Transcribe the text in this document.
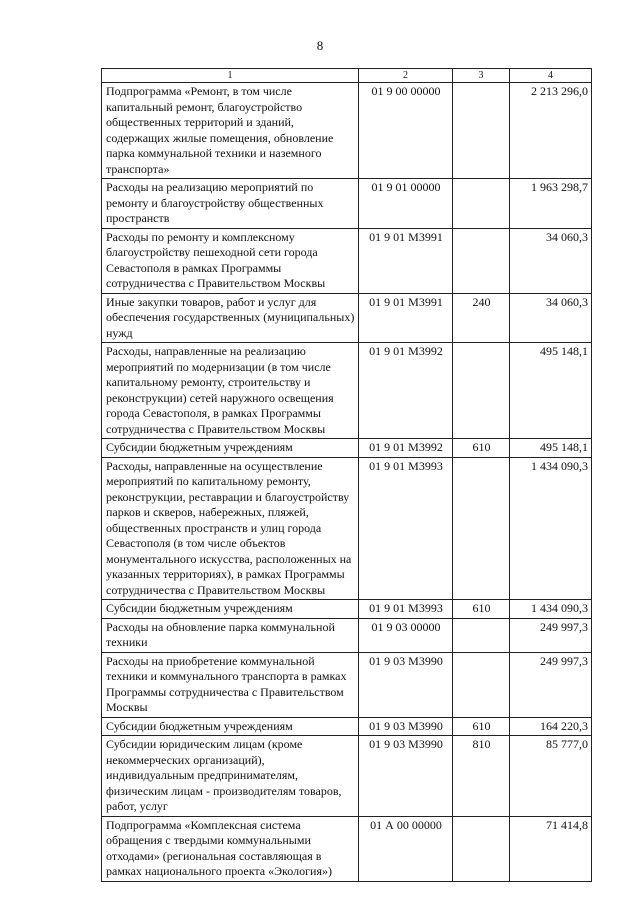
8
1	2	3	4
Подпрограмма «Ремонт, в том числе капитальный ремонт, благоустройство общественных территорий и зданий, содержащих жилые помещения, обновление парка коммунальной техники и наземного транспорта»	01 9 00 00000		2 213 296,0
Расходы на реализацию мероприятий по ремонту и благоустройству общественных пространств	01 9 01 00000		1 963 298,7
Расходы по ремонту и комплексному благоустройству пешеходной сети города Севастополя в рамках Программы сотрудничества с Правительством Москвы	01 9 01 М3991		34 060,3
Иные закупки товаров, работ и услуг для обеспечения государственных (муниципальных) нужд	01 9 01 М3991	240	34 060,3
Расходы, направленные на реализацию мероприятий по модернизации (в том числе капитальному ремонту, строительству и реконструкции) сетей наружного освещения города Севастополя, в рамках Программы сотрудничества с Правительством Москвы	01 9 01 М3992		495 148,1
Субсидии бюджетным учреждениям	01 9 01 М3992	610	495 148,1
Расходы, направленные на осуществление мероприятий по капитальному ремонту, реконструкции, реставрации и благоустройству парков и скверов, набережных, пляжей, общественных пространств и улиц города Севастополя (в том числе объектов монументального искусства, расположенных на указанных территориях), в рамках Программы сотрудничества с Правительством Москвы	01 9 01 М3993		1 434 090,3
Субсидии бюджетным учреждениям	01 9 01 М3993	610	1 434 090,3
Расходы на обновление парка коммунальной техники	01 9 03 00000		249 997,3
Расходы на приобретение коммунальной техники и коммунального транспорта в рамках Программы сотрудничества с Правительством Москвы	01 9 03 М3990		249 997,3
Субсидии бюджетным учреждениям	01 9 03 М3990	610	164 220,3
Субсидии юридическим лицам (кроме некоммерческих организаций), индивидуальным предпринимателям, физическим лицам - производителям товаров, работ, услуг	01 9 03 М3990	810	85 777,0
Подпрограмма «Комплексная система обращения с твердыми коммунальными отходами» (региональная составляющая в рамках национального проекта «Экология»)	01 А 00 00000		71 414,8
